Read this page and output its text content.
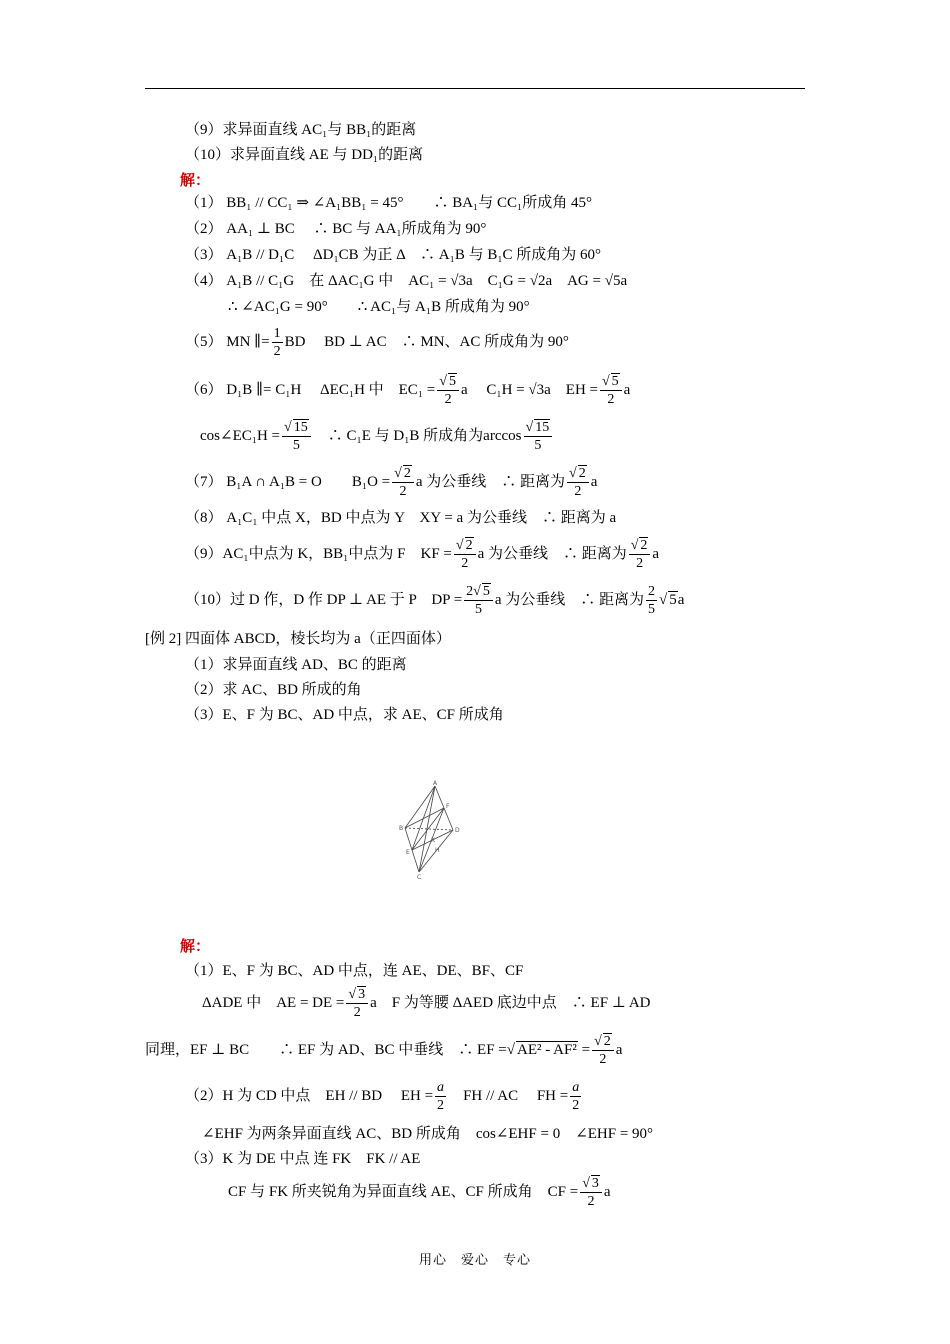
（9）求异面直线 AC₁与 BB₁的距离
（10）求异面直线 AE 与 DD₁的距离
解：
（1） BB₁ // CC₁ ⇒ ∠A₁BB₁ = 45°　　∴ BA₁与 CC₁所成角 45°
（2） AA₁ ⊥ BC　 ∴ BC 与 AA₁所成角为 90°
（3） A₁B // D₁C　 ΔD₁CB 为正 Δ　∴ A₁B 与 B₁C 所成角为 60°
（4） A₁B // C₁G　在 ΔAC₁G 中　AC₁ = √3a　C₁G = √2a　AG = √5a
∴ ∠AC₁G = 90°　　∴ AC₁与 A₁B 所成角为 90°
（5） MN ∥= $\frac{1}{2}$ BD　 BD ⊥ AC　∴ MN、AC 所成角为 90°
（6） D₁B ∥= C₁H　 ΔEC₁H 中　$EC_1 = \frac{√ 5}{2}$ a　 C₁H = √3a　EH = $\frac{√ 5}{2}$ a
cos∠EC₁H = $\frac{√ 15}{5}$
　 ∴ C₁E 与 D₁B 所成角为$\arccos \frac{√ 15}{5}$
（7） B₁A ∩ A₁B = O　　$B_1O = \frac{√ 2}{2}$ a 为公垂线　∴ 距离为 $\frac{√ 2}{2}$ a
（8） A₁C₁ 中点 X，BD 中点为 Y　XY = a 为公垂线　∴ 距离为 a
（9）AC₁中点为 K，BB₁中点为 F　KF = $\frac{√ 2}{2}$ a 为公垂线　∴ 距离为 $\frac{√ 2}{2}$ a
（10）过 D 作，D 作 DP ⊥ AE 于 P　DP = $\frac{2√ 5}{5}$ a 为公垂线　∴ 距离为 $\frac{2}{5}$ √ 5a
[例 2] 四面体 ABCD，棱长均为 a（正四面体）
（1）求异面直线 AD、BC 的距离
（2）求 AC、BD 所成的角
（3）E、F 为 BC、AD 中点，求 AE、CF 所成角
A
B
C
D
E
F
H
K
解：
（1）E、F 为 BC、AD 中点，连 AE、DE、BF、CF
ΔADE 中　AE = DE = $\frac{√ 3}{2}$ a　F 为等腰 ΔAED 底边中点　∴ EF ⊥ AD
同理，EF ⊥ BC　　∴ EF 为 AD、BC 中垂线　∴ EF =√ $AE^2 - AF^2 = \frac{√ 2}{2}$ a
（2）H 为 CD 中点　EH // BD　 EH = $\frac{a}{2}$
　 FH // AC　 FH = $\frac{a}{2}$
∠EHF 为两条异面直线 AC、BD 所成角　cos∠EHF = 0　∠EHF = 90°
（3）K 为 DE 中点 连 FK　FK // AE
CF 与 FK 所夹锐角为异面直线 AE、CF 所成角　CF = $\frac{√ 3}{2}$ a
用心　爱心　专心
